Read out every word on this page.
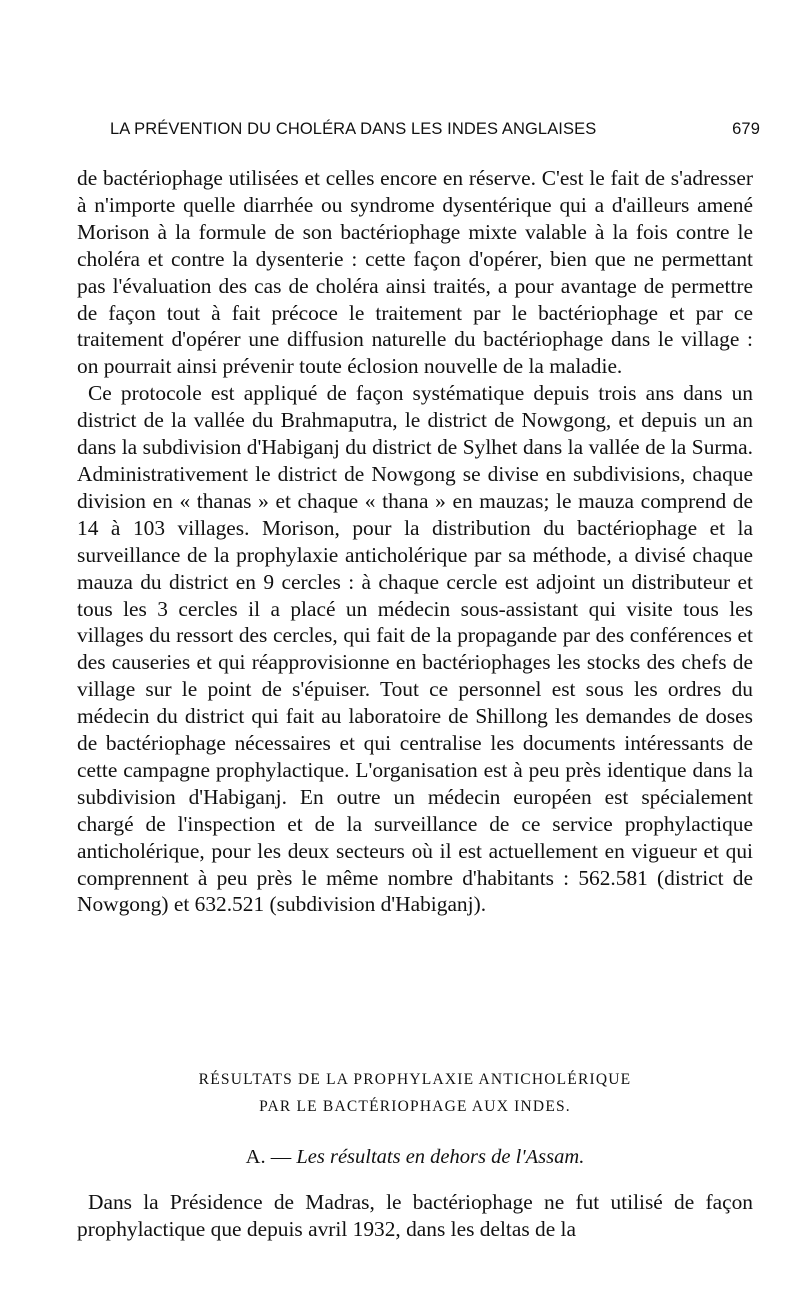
LA PRÉVENTION DU CHOLÉRA DANS LES INDES ANGLAISES	679

de bactériophage utilisées et celles encore en réserve. C'est le fait de s'adresser à n'importe quelle diarrhée ou syndrome dysentérique qui a d'ailleurs amené Morison à la formule de son bactériophage mixte valable à la fois contre le choléra et contre la dysenterie : cette façon d'opérer, bien que ne permettant pas l'évaluation des cas de choléra ainsi traités, a pour avantage de permettre de façon tout à fait précoce le traitement par le bactériophage et par ce traitement d'opérer une diffusion naturelle du bactériophage dans le village : on pourrait ainsi prévenir toute éclosion nouvelle de la maladie.

Ce protocole est appliqué de façon systématique depuis trois ans dans un district de la vallée du Brahmaputra, le district de Nowgong, et depuis un an dans la subdivision d'Habiganj du district de Sylhet dans la vallée de la Surma. Administrativement le district de Nowgong se divise en subdivisions, chaque division en « thanas » et chaque « thana » en mauzas; le mauza comprend de 14 à 103 villages. Morison, pour la distribution du bactériophage et la surveillance de la prophylaxie anticholérique par sa méthode, a divisé chaque mauza du district en 9 cercles : à chaque cercle est adjoint un distributeur et tous les 3 cercles il a placé un médecin sous-assistant qui visite tous les villages du ressort des cercles, qui fait de la propagande par des conférences et des causeries et qui réapprovisionne en bactériophages les stocks des chefs de village sur le point de s'épuiser. Tout ce personnel est sous les ordres du médecin du district qui fait au laboratoire de Shillong les demandes de doses de bactériophage nécessaires et qui centralise les documents intéressants de cette campagne prophylactique. L'organisation est à peu près identique dans la subdivision d'Habiganj. En outre un médecin européen est spécialement chargé de l'inspection et de la surveillance de ce service prophylactique anticholérique, pour les deux secteurs où il est actuellement en vigueur et qui comprennent à peu près le même nombre d'habitants : 562.581 (district de Nowgong) et 632.521 (subdivision d'Habiganj).

RÉSULTATS DE LA PROPHYLAXIE ANTICHOLÉRIQUE
PAR LE BACTÉRIOPHAGE AUX INDES.
A. — Les résultats en dehors de l'Assam.

Dans la Présidence de Madras, le bactériophage ne fut utilisé de façon prophylactique que depuis avril 1932, dans les deltas de la
